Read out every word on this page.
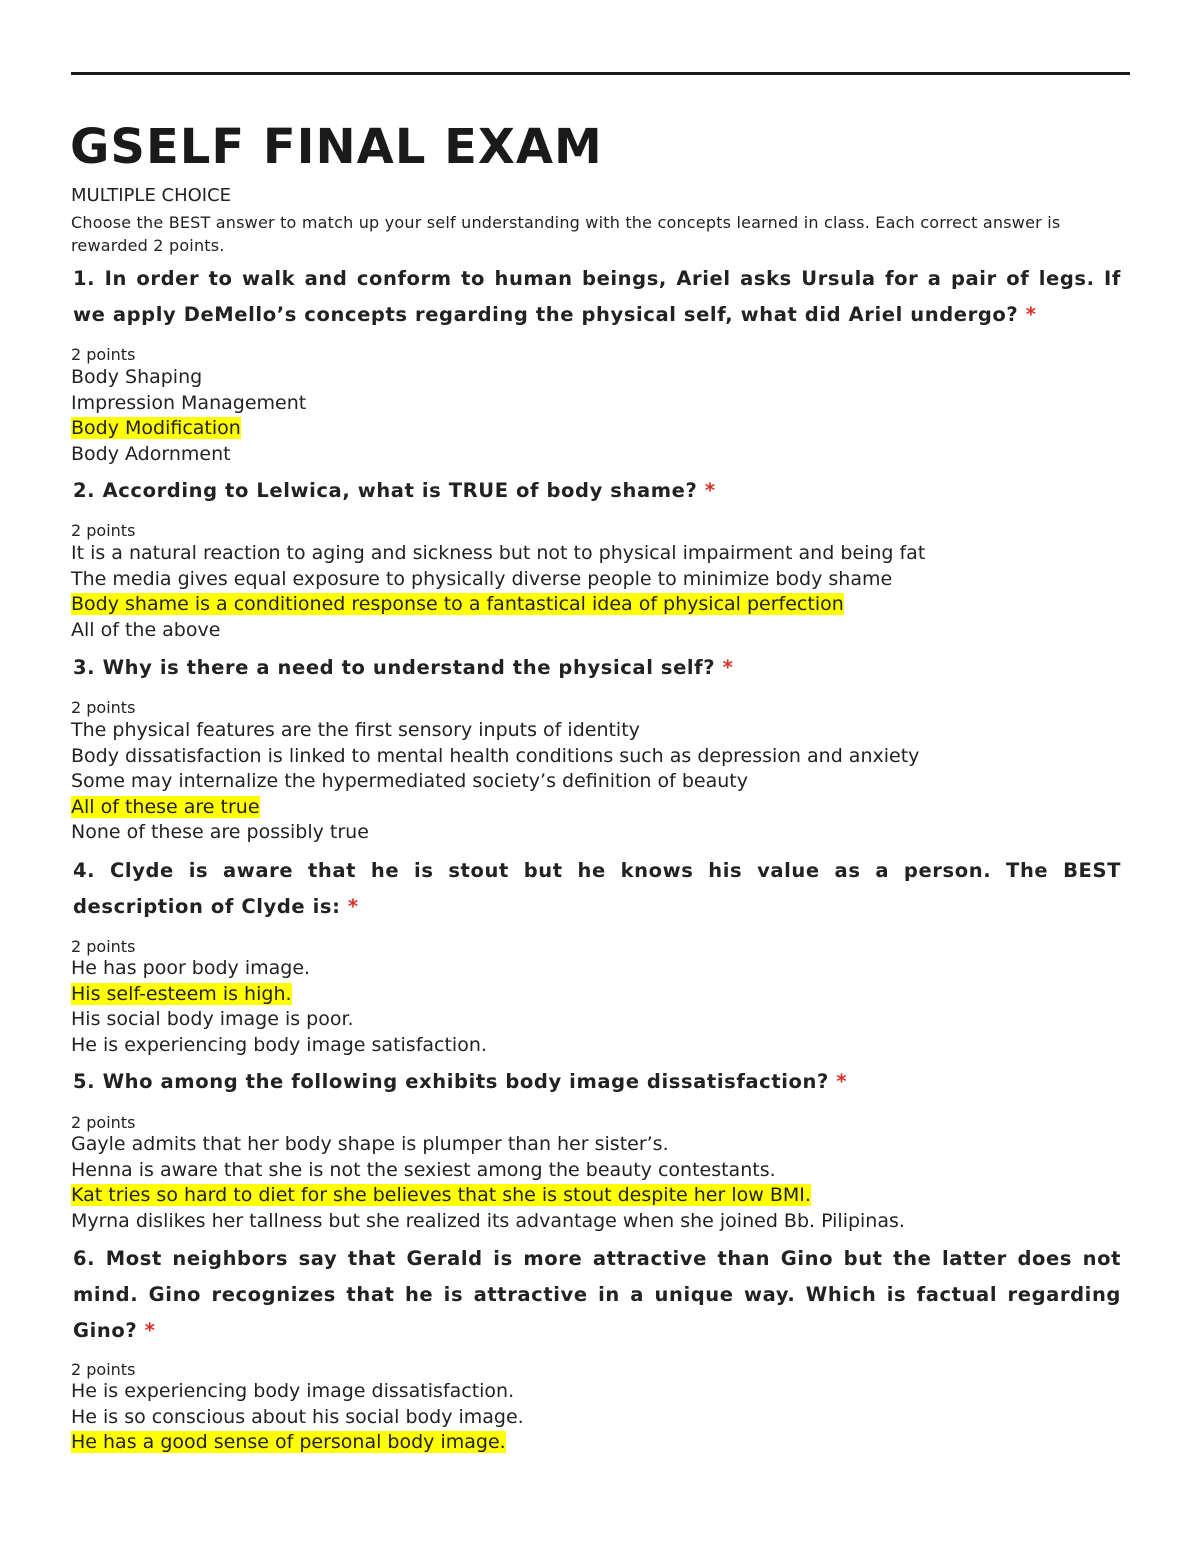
GSELF FINAL EXAM
MULTIPLE CHOICE
Choose the BEST answer to match up your self understanding with the concepts learned in class. Each correct answer is rewarded 2 points.
1. In order to walk and conform to human beings, Ariel asks Ursula for a pair of legs. If we apply DeMello’s concepts regarding the physical self, what did Ariel undergo? *
2 points
Body Shaping
Impression Management
Body Modification
Body Adornment
2. According to Lelwica, what is TRUE of body shame? *
2 points
It is a natural reaction to aging and sickness but not to physical impairment and being fat
The media gives equal exposure to physically diverse people to minimize body shame
Body shame is a conditioned response to a fantastical idea of physical perfection
All of the above
3. Why is there a need to understand the physical self? *
2 points
The physical features are the first sensory inputs of identity
Body dissatisfaction is linked to mental health conditions such as depression and anxiety
Some may internalize the hypermediated society’s definition of beauty
All of these are true
None of these are possibly true
4. Clyde is aware that he is stout but he knows his value as a person. The BEST description of Clyde is: *
2 points
He has poor body image.
His self-esteem is high.
His social body image is poor.
He is experiencing body image satisfaction.
5. Who among the following exhibits body image dissatisfaction? *
2 points
Gayle admits that her body shape is plumper than her sister’s.
Henna is aware that she is not the sexiest among the beauty contestants.
Kat tries so hard to diet for she believes that she is stout despite her low BMI.
Myrna dislikes her tallness but she realized its advantage when she joined Bb. Pilipinas.
6. Most neighbors say that Gerald is more attractive than Gino but the latter does not mind. Gino recognizes that he is attractive in a unique way. Which is factual regarding Gino? *
2 points
He is experiencing body image dissatisfaction.
He is so conscious about his social body image.
He has a good sense of personal body image.
